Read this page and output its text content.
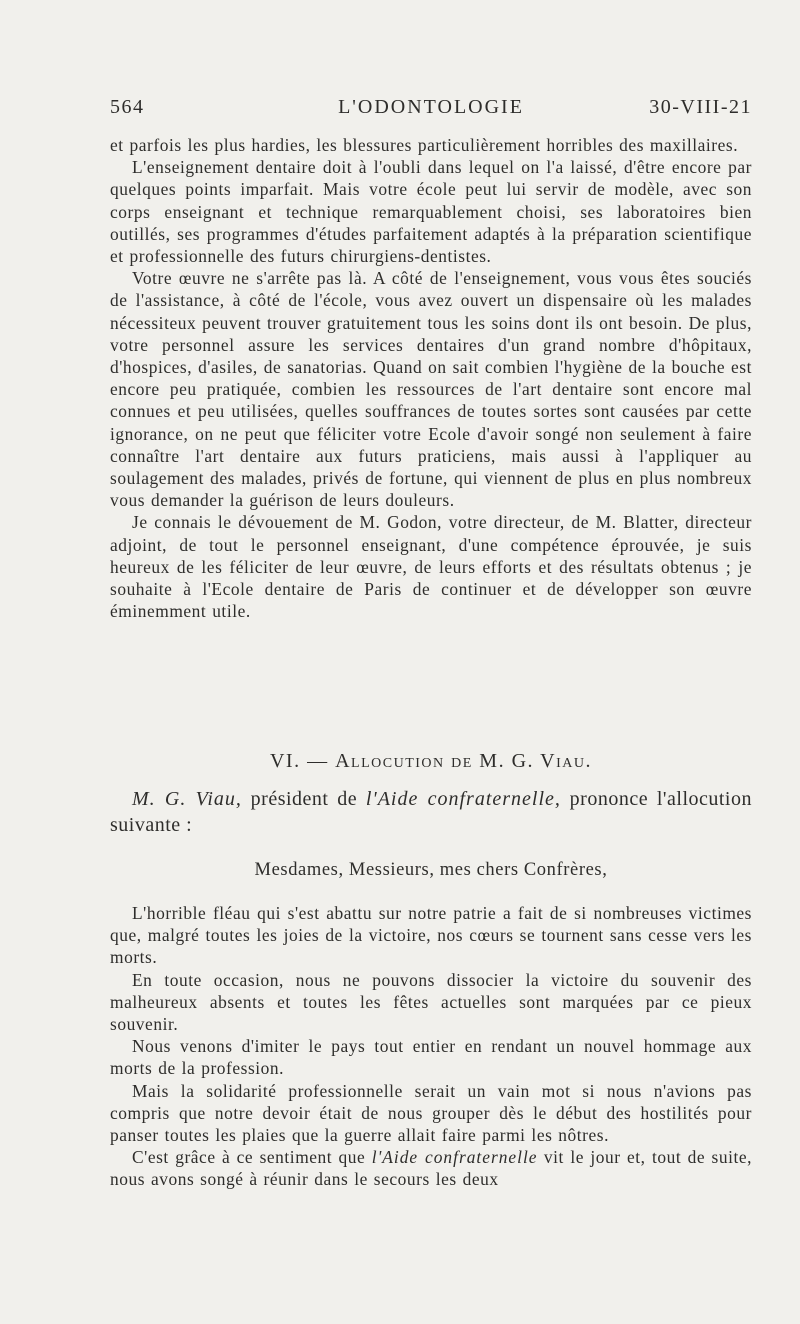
564	L'ODONTOLOGIE	30-VIII-21

et parfois les plus hardies, les blessures particulièrement horribles des maxillaires.

L'enseignement dentaire doit à l'oubli dans lequel on l'a laissé, d'être encore par quelques points imparfait. Mais votre école peut lui servir de modèle, avec son corps enseignant et technique remarquablement choisi, ses laboratoires bien outillés, ses programmes d'études parfaitement adaptés à la préparation scientifique et professionnelle des futurs chirurgiens-dentistes.

Votre œuvre ne s'arrête pas là. A côté de l'enseignement, vous vous êtes souciés de l'assistance, à côté de l'école, vous avez ouvert un dispensaire où les malades nécessiteux peuvent trouver gratuitement tous les soins dont ils ont besoin. De plus, votre personnel assure les services dentaires d'un grand nombre d'hôpitaux, d'hospices, d'asiles, de sanatorias. Quand on sait combien l'hygiène de la bouche est encore peu pratiquée, combien les ressources de l'art dentaire sont encore mal connues et peu utilisées, quelles souffrances de toutes sortes sont causées par cette ignorance, on ne peut que féliciter votre Ecole d'avoir songé non seulement à faire connaître l'art dentaire aux futurs praticiens, mais aussi à l'appliquer au soulagement des malades, privés de fortune, qui viennent de plus en plus nombreux vous demander la guérison de leurs douleurs.

Je connais le dévouement de M. Godon, votre directeur, de M. Blatter, directeur adjoint, de tout le personnel enseignant, d'une compétence éprouvée, je suis heureux de les féliciter de leur œuvre, de leurs efforts et des résultats obtenus ; je souhaite à l'Ecole dentaire de Paris de continuer et de développer son œuvre éminemment utile.

VI. — Allocution de M. G. Viau.

M. G. Viau, président de l'Aide confraternelle, prononce l'allocution suivante :

Mesdames, Messieurs, mes chers Confrères,

L'horrible fléau qui s'est abattu sur notre patrie a fait de si nombreuses victimes que, malgré toutes les joies de la victoire, nos cœurs se tournent sans cesse vers les morts.

En toute occasion, nous ne pouvons dissocier la victoire du souvenir des malheureux absents et toutes les fêtes actuelles sont marquées par ce pieux souvenir.

Nous venons d'imiter le pays tout entier en rendant un nouvel hommage aux morts de la profession.

Mais la solidarité professionnelle serait un vain mot si nous n'avions pas compris que notre devoir était de nous grouper dès le début des hostilités pour panser toutes les plaies que la guerre allait faire parmi les nôtres.

C'est grâce à ce sentiment que l'Aide confraternelle vit le jour et, tout de suite, nous avons songé à réunir dans le secours les deux
